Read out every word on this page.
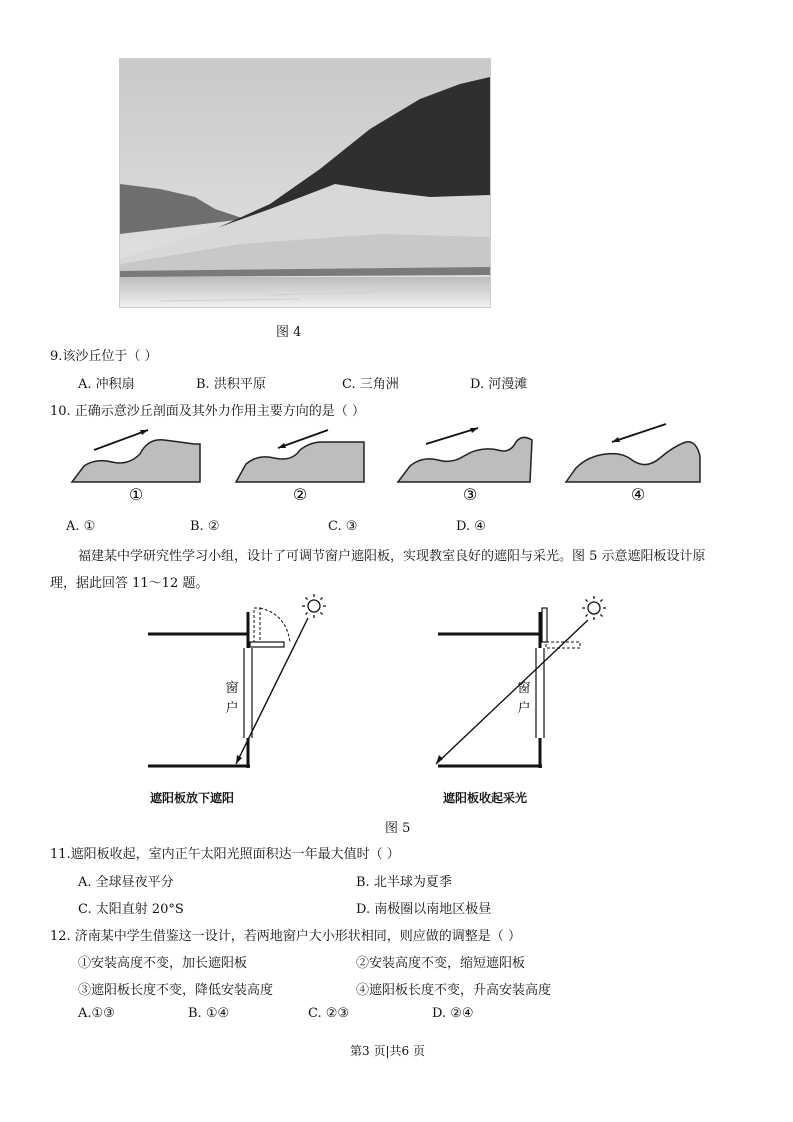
图 4
9.该沙丘位于（ ）
A. 冲积扇	B. 洪积平原	C. 三角洲	D. 河漫滩
10. 正确示意沙丘剖面及其外力作用主要方向的是（ ）
①	②	③	④
A. ①	B. ②	C. ③	D. ④
福建某中学研究性学习小组，设计了可调节窗户遮阳板，实现教室良好的遮阳与采光。图 5 示意遮阳板设计原
理，据此回答 11～12 题。
窗
户
窗
户
遮阳板放下遮阳	遮阳板收起采光
图 5
11.遮阳板收起，室内正午太阳光照面积达一年最大值时（ ）
A. 全球昼夜平分	B. 北半球为夏季
C. 太阳直射 20°S	D. 南极圈以南地区极昼
12. 济南某中学生借鉴这一设计，若两地窗户大小形状相同，则应做的调整是（ ）
①安装高度不变，加长遮阳板	②安装高度不变，缩短遮阳板
③遮阳板长度不变，降低安装高度	④遮阳板长度不变，升高安装高度
A.①③	B. ①④	C. ②③	D. ②④
第3 页|共6 页
